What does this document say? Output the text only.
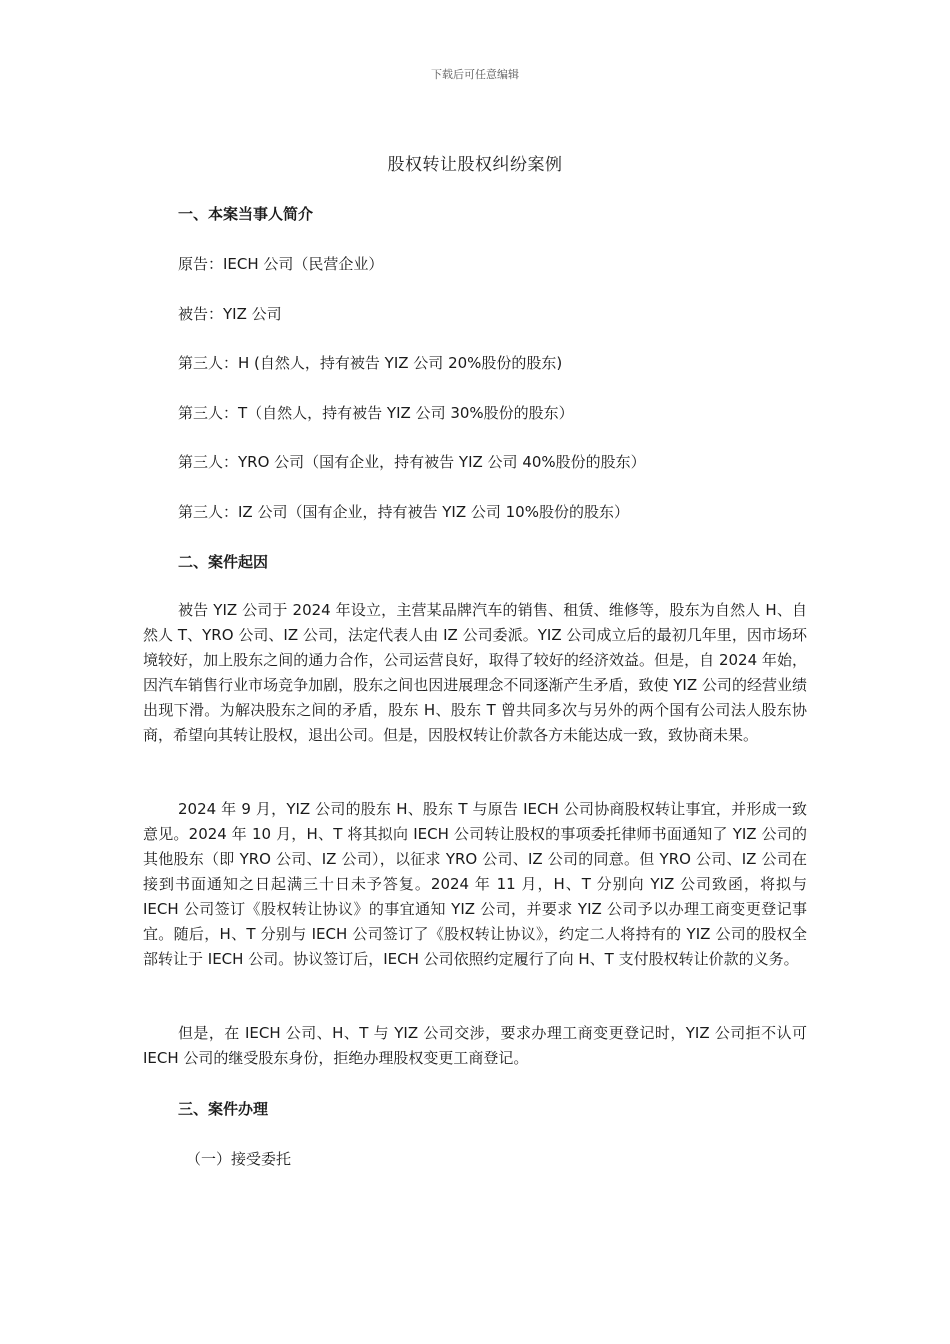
下载后可任意编辑
股权转让股权纠纷案例
一、本案当事人简介
原告：IECH 公司（民营企业）
被告：YIZ 公司
第三人：H (自然人，持有被告 YIZ 公司 20%股份的股东)
第三人：T（自然人，持有被告 YIZ 公司 30%股份的股东）
第三人：YRO 公司（国有企业，持有被告 YIZ 公司 40%股份的股东）
第三人：IZ 公司（国有企业，持有被告 YIZ 公司 10%股份的股东）
二、案件起因
被告 YIZ 公司于 2024 年设立，主营某品牌汽车的销售、租赁、维修等，股东为自然人 H、自然人 T、YRO 公司、IZ 公司，法定代表人由 IZ 公司委派。YIZ 公司成立后的最初几年里，因市场环境较好，加上股东之间的通力合作，公司运营良好，取得了较好的经济效益。但是，自 2024 年始，因汽车销售行业市场竞争加剧，股东之间也因进展理念不同逐渐产生矛盾，致使 YIZ 公司的经营业绩出现下滑。为解决股东之间的矛盾，股东 H、股东 T 曾共同多次与另外的两个国有公司法人股东协商，希望向其转让股权，退出公司。但是，因股权转让价款各方未能达成一致，致协商未果。
2024 年 9 月，YIZ 公司的股东 H、股东 T 与原告 IECH 公司协商股权转让事宜，并形成一致意见。2024 年 10 月，H、T 将其拟向 IECH 公司转让股权的事项委托律师书面通知了 YIZ 公司的其他股东（即 YRO 公司、IZ 公司），以征求 YRO 公司、IZ 公司的同意。但 YRO 公司、IZ 公司在接到书面通知之日起满三十日未予答复。2024 年 11 月，H、T 分别向 YIZ 公司致函，将拟与 IECH 公司签订《股权转让协议》的事宜通知 YIZ 公司，并要求 YIZ 公司予以办理工商变更登记事宜。随后，H、T 分别与 IECH 公司签订了《股权转让协议》，约定二人将持有的 YIZ 公司的股权全部转让于 IECH 公司。协议签订后，IECH 公司依照约定履行了向 H、T 支付股权转让价款的义务。
但是，在 IECH 公司、H、T 与 YIZ 公司交涉，要求办理工商变更登记时，YIZ 公司拒不认可 IECH 公司的继受股东身份，拒绝办理股权变更工商登记。
三、案件办理
（一）接受委托
